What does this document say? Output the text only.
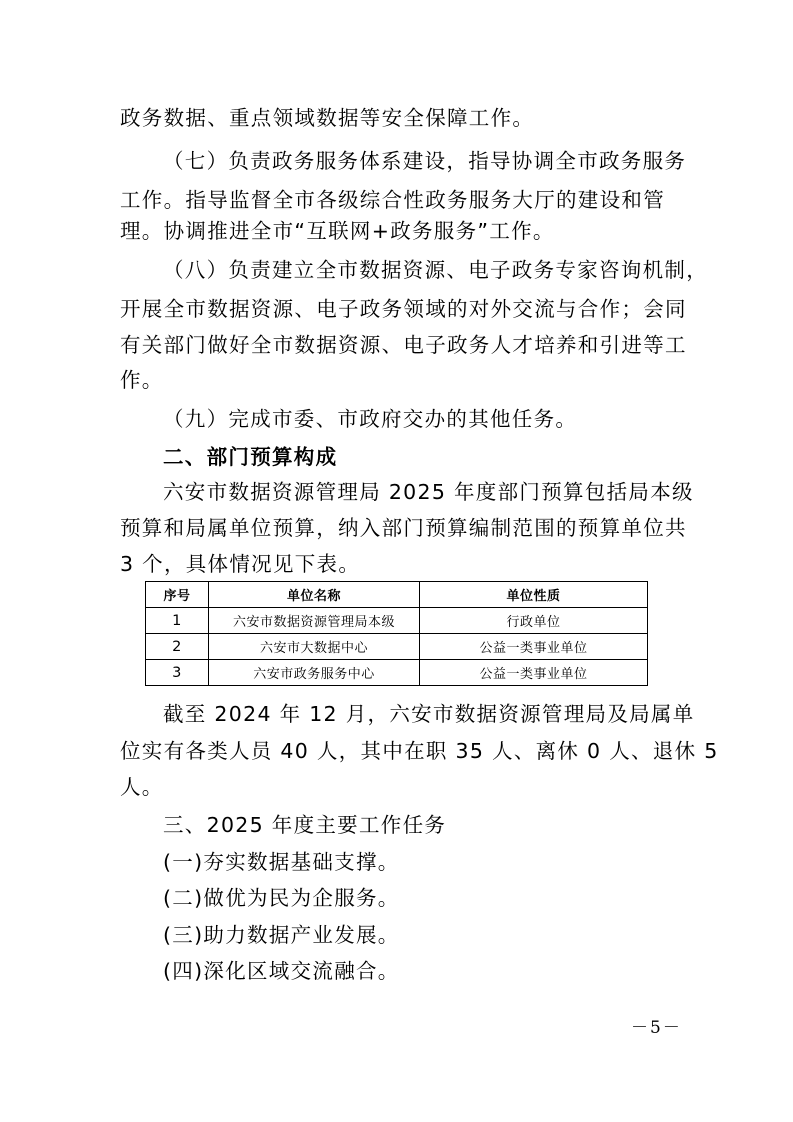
政务数据、重点领域数据等安全保障工作。
（七）负责政务服务体系建设，指导协调全市政务服务
工作。指导监督全市各级综合性政务服务大厅的建设和管
理。协调推进全市“互联网+政务服务”工作。
（八）负责建立全市数据资源、电子政务专家咨询机制，
开展全市数据资源、电子政务领域的对外交流与合作；会同
有关部门做好全市数据资源、电子政务人才培养和引进等工
作。
（九）完成市委、市政府交办的其他任务。
二、部门预算构成
六安市数据资源管理局 2025 年度部门预算包括局本级
预算和局属单位预算，纳入部门预算编制范围的预算单位共
3 个，具体情况见下表。
序号	单位名称	单位性质
1	六安市数据资源管理局本级	行政单位
2	六安市大数据中心	公益一类事业单位
3	六安市政务服务中心	公益一类事业单位
截至 2024 年 12 月，六安市数据资源管理局及局属单
位实有各类人员 40 人，其中在职 35 人、离休 0 人、退休 5
人。
三、2025 年度主要工作任务
(一)夯实数据基础支撑。
(二)做优为民为企服务。
(三)助力数据产业发展。
(四)深化区域交流融合。
－5－
